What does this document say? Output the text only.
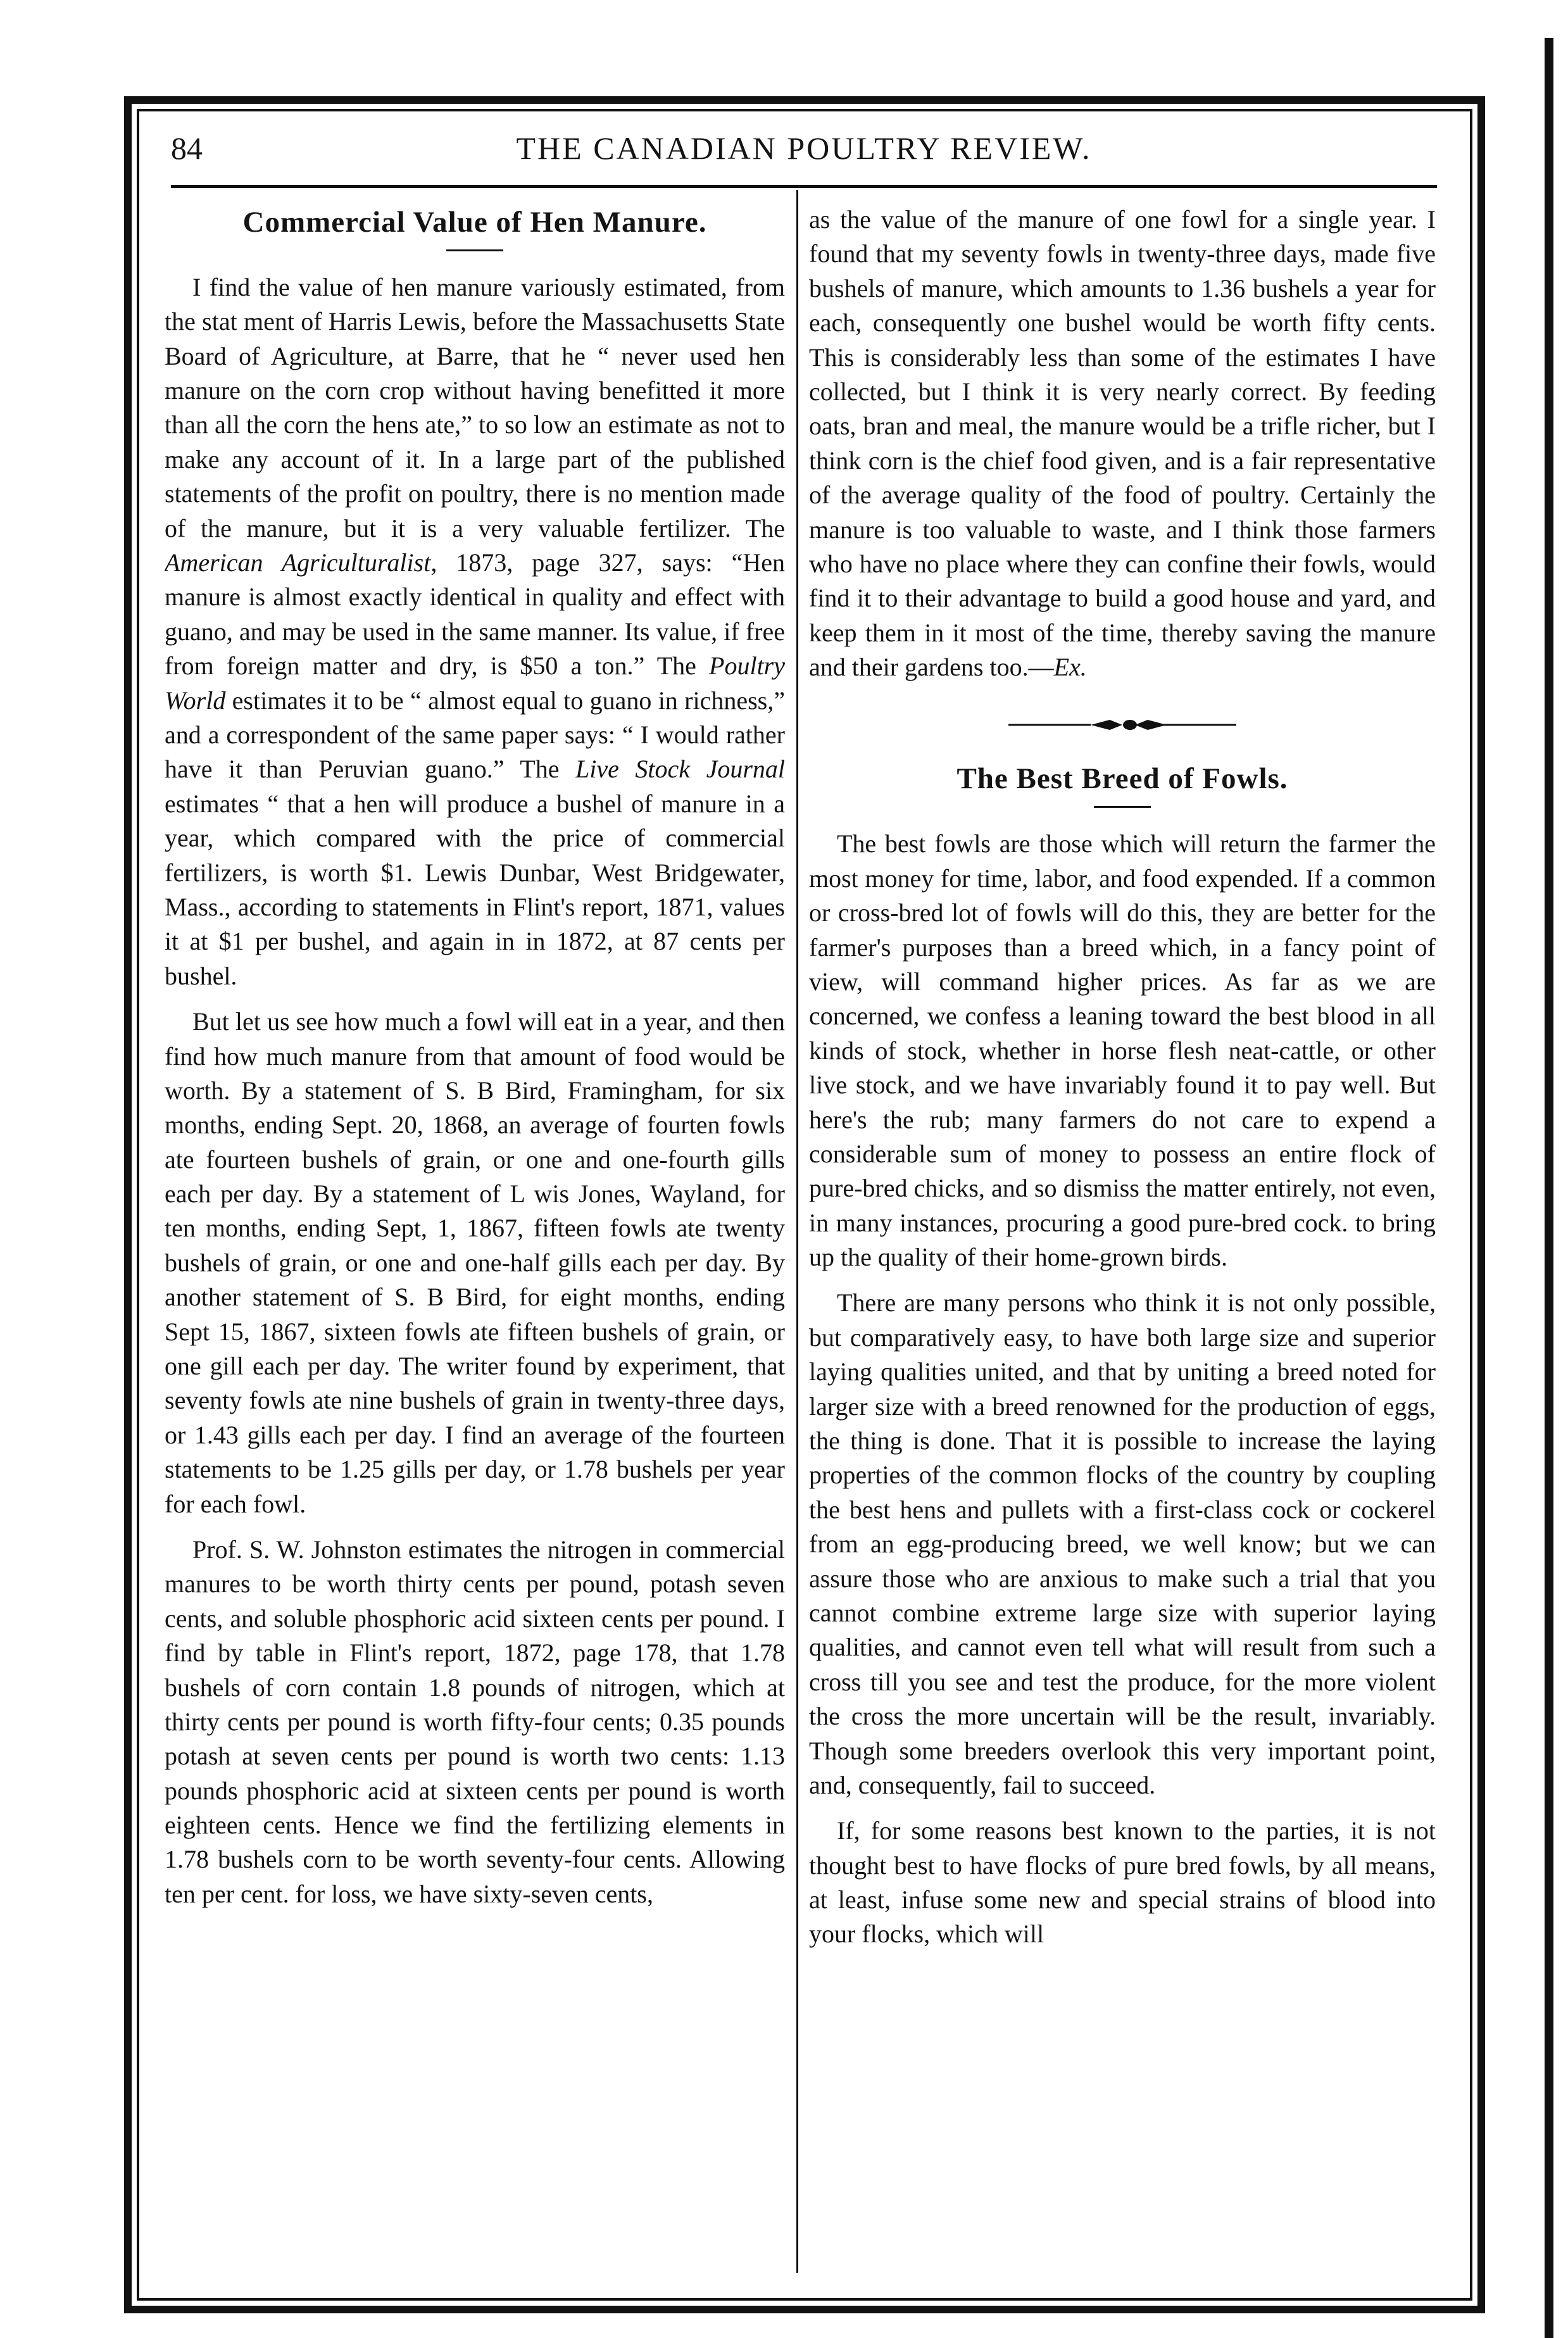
84	THE CANADIAN POULTRY REVIEW.
Commercial Value of Hen Manure.

I find the value of hen manure variously estimated, from the stat ment of Harris Lewis, before the Massachusetts State Board of Agriculture, at Barre, that he “ never used hen manure on the corn crop without having benefitted it more than all the corn the hens ate,” to so low an estimate as not to make any account of it. In a large part of the published statements of the profit on poultry, there is no mention made of the manure, but it is a very valuable fertilizer. The American Agriculturalist, 1873, page 327, says: “Hen manure is almost exactly identical in quality and effect with guano, and may be used in the same manner. Its value, if free from foreign matter and dry, is $50 a ton.” The Poultry World estimates it to be “ almost equal to guano in richness,” and a correspondent of the same paper says: “ I would rather have it than Peruvian guano.” The Live Stock Journal estimates “ that a hen will produce a bushel of manure in a year, which compared with the price of commercial fertilizers, is worth $1. Lewis Dunbar, West Bridgewater, Mass., according to statements in Flint's report, 1871, values it at $1 per bushel, and again in in 1872, at 87 cents per bushel.

But let us see how much a fowl will eat in a year, and then find how much manure from that amount of food would be worth. By a statement of S. B Bird, Framingham, for six months, ending Sept. 20, 1868, an average of fourten fowls ate fourteen bushels of grain, or one and one-fourth gills each per day. By a statement of L wis Jones, Wayland, for ten months, ending Sept, 1, 1867, fifteen fowls ate twenty bushels of grain, or one and one-half gills each per day. By another statement of S. B Bird, for eight months, ending Sept 15, 1867, sixteen fowls ate fifteen bushels of grain, or one gill each per day. The writer found by experiment, that seventy fowls ate nine bushels of grain in twenty-three days, or 1.43 gills each per day. I find an average of the fourteen statements to be 1.25 gills per day, or 1.78 bushels per year for each fowl.

Prof. S. W. Johnston estimates the nitrogen in commercial manures to be worth thirty cents per pound, potash seven cents, and soluble phosphoric acid sixteen cents per pound. I find by table in Flint's report, 1872, page 178, that 1.78 bushels of corn contain 1.8 pounds of nitrogen, which at thirty cents per pound is worth fifty-four cents; 0.35 pounds potash at seven cents per pound is worth two cents: 1.13 pounds phosphoric acid at sixteen cents per pound is worth eighteen cents. Hence we find the fertilizing elements in 1.78 bushels corn to be worth seventy-four cents. Allowing ten per cent. for loss, we have sixty-seven cents,

as the value of the manure of one fowl for a single year. I found that my seventy fowls in twenty-three days, made five bushels of manure, which amounts to 1.36 bushels a year for each, consequently one bushel would be worth fifty cents. This is considerably less than some of the estimates I have collected, but I think it is very nearly correct. By feeding oats, bran and meal, the manure would be a trifle richer, but I think corn is the chief food given, and is a fair representative of the average quality of the food of poultry. Certainly the manure is too valuable to waste, and I think those farmers who have no place where they can confine their fowls, would find it to their advantage to build a good house and yard, and keep them in it most of the time, thereby saving the manure and their gardens too.—Ex.

The Best Breed of Fowls.

The best fowls are those which will return the farmer the most money for time, labor, and food expended. If a common or cross-bred lot of fowls will do this, they are better for the farmer's purposes than a breed which, in a fancy point of view, will command higher prices. As far as we are concerned, we confess a leaning toward the best blood in all kinds of stock, whether in horse flesh neat-cattle, or other live stock, and we have invariably found it to pay well. But here's the rub; many farmers do not care to expend a considerable sum of money to possess an entire flock of pure-bred chicks, and so dismiss the matter entirely, not even, in many instances, procuring a good pure-bred cock. to bring up the quality of their home-grown birds.

There are many persons who think it is not only possible, but comparatively easy, to have both large size and superior laying qualities united, and that by uniting a breed noted for larger size with a breed renowned for the production of eggs, the thing is done. That it is possible to increase the laying properties of the common flocks of the country by coupling the best hens and pullets with a first-class cock or cockerel from an egg-producing breed, we well know; but we can assure those who are anxious to make such a trial that you cannot combine extreme large size with superior laying qualities, and cannot even tell what will result from such a cross till you see and test the produce, for the more violent the cross the more uncertain will be the result, invariably. Though some breeders overlook this very important point, and, consequently, fail to succeed.

If, for some reasons best known to the parties, it is not thought best to have flocks of pure bred fowls, by all means, at least, infuse some new and special strains of blood into your flocks, which will
